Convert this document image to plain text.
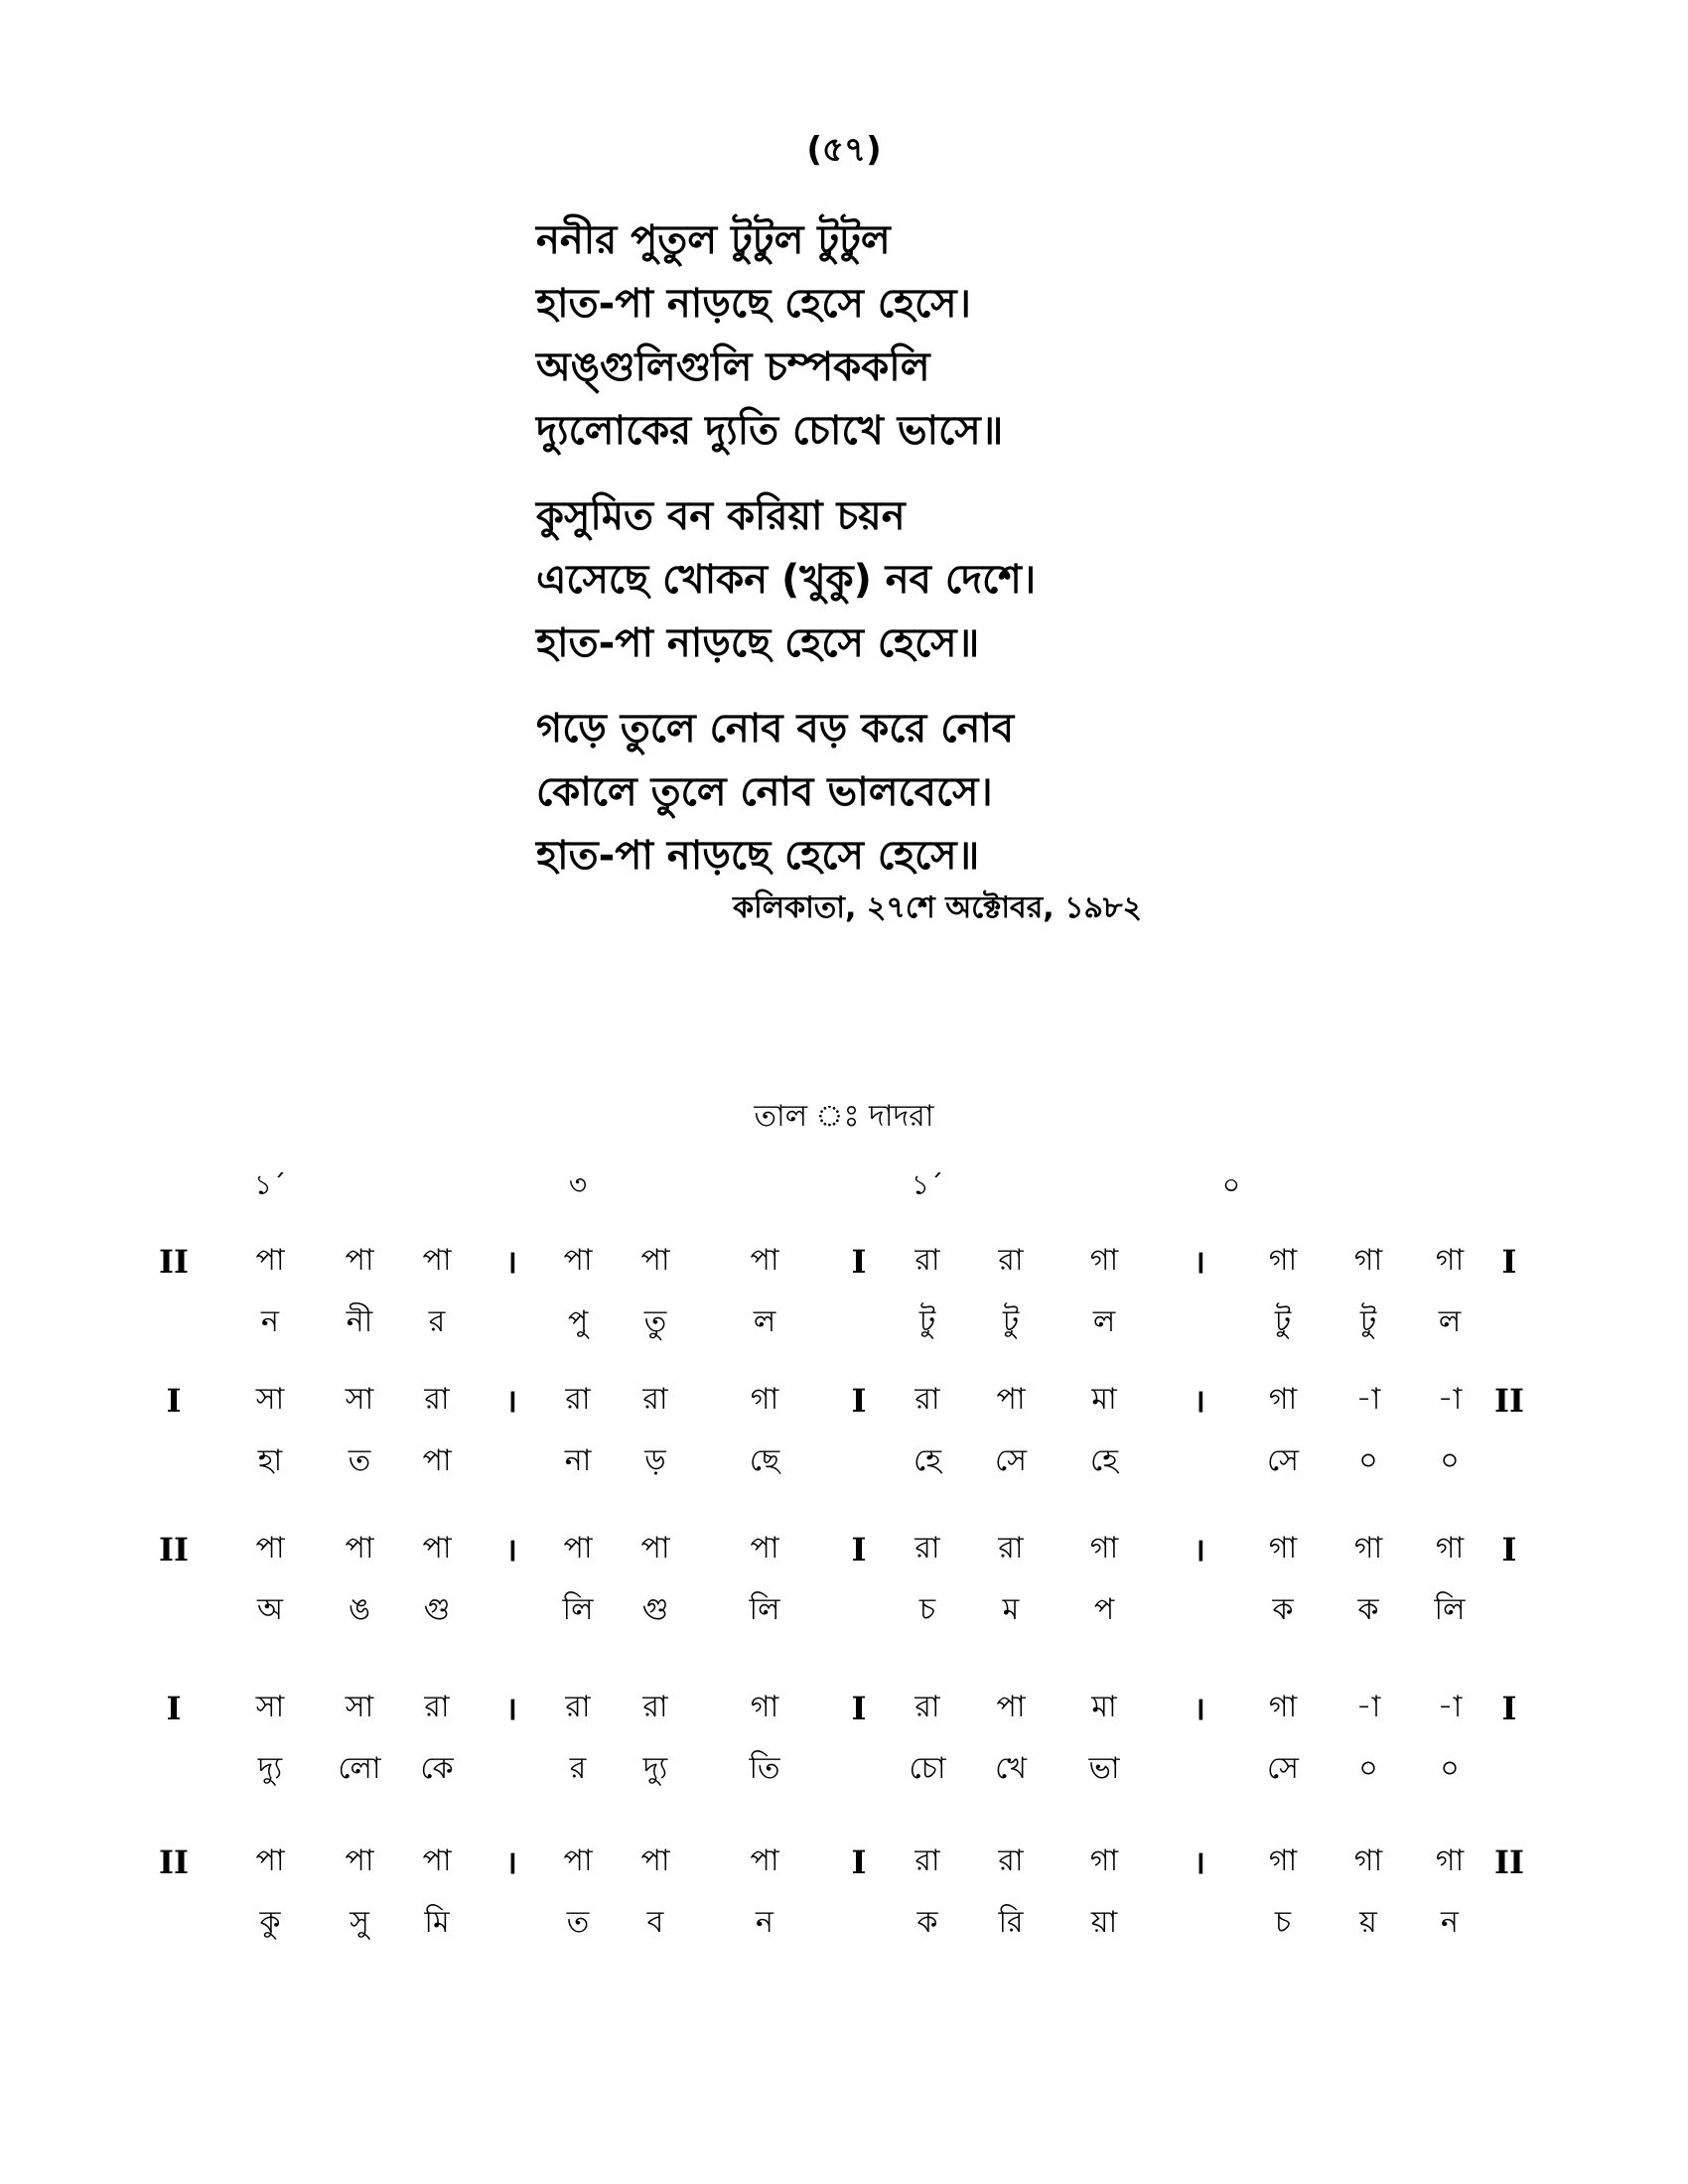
(৫৭)
ননীর পুতুল টুটুল টুটুল
হাত-পা নাড়ছে হেসে হেসে।
অঙ্গুলিগুলি চম্পককলি
দ্যুলোকের দ্যুতি চোখে ভাসে॥
কুসুমিত বন করিয়া চয়ন
এসেছে খোকন (খুকু) নব দেশে।
হাত-পা নাড়ছে হেসে হেসে॥
গড়ে তুলে নোব বড় করে নোব
কোলে তুলে নোব ভালবেসে।
হাত-পা নাড়ছে হেসে হেসে॥
কলিকাতা, ২৭শে অক্টোবর, ১৯৮২
তাল ঃ দাদরা
১´	৩	১´	০
II পা পা পা । পা পা	পা I রা রা গা । গা গা গা I
ন নী র	পু তু	ল	টু টু ল	টু টু ল
I	সা সা রা । রা রা	গা I রা পা মা । গা -া -া II
হা ত পা	না ড়	ছে	হে সে হে	সে ০ ০
II পা পা পা । পা পা	পা I রা রা গা । গা গা গা I
অ ঙ গু	লি গু	লি	চ ম	প	ক ক লি
I	সা সা রা । রা রা	গা I রা পা মা । গা -া -া I
দ্যু লো কে	র দ্যু	তি	চো খে ভা	সে ০ ০
II পা পা পা । পা পা	পা I রা রা গা । গা গা গা II
কু সু মি	ত ব	ন	ক রি য়া	চ য় ন
